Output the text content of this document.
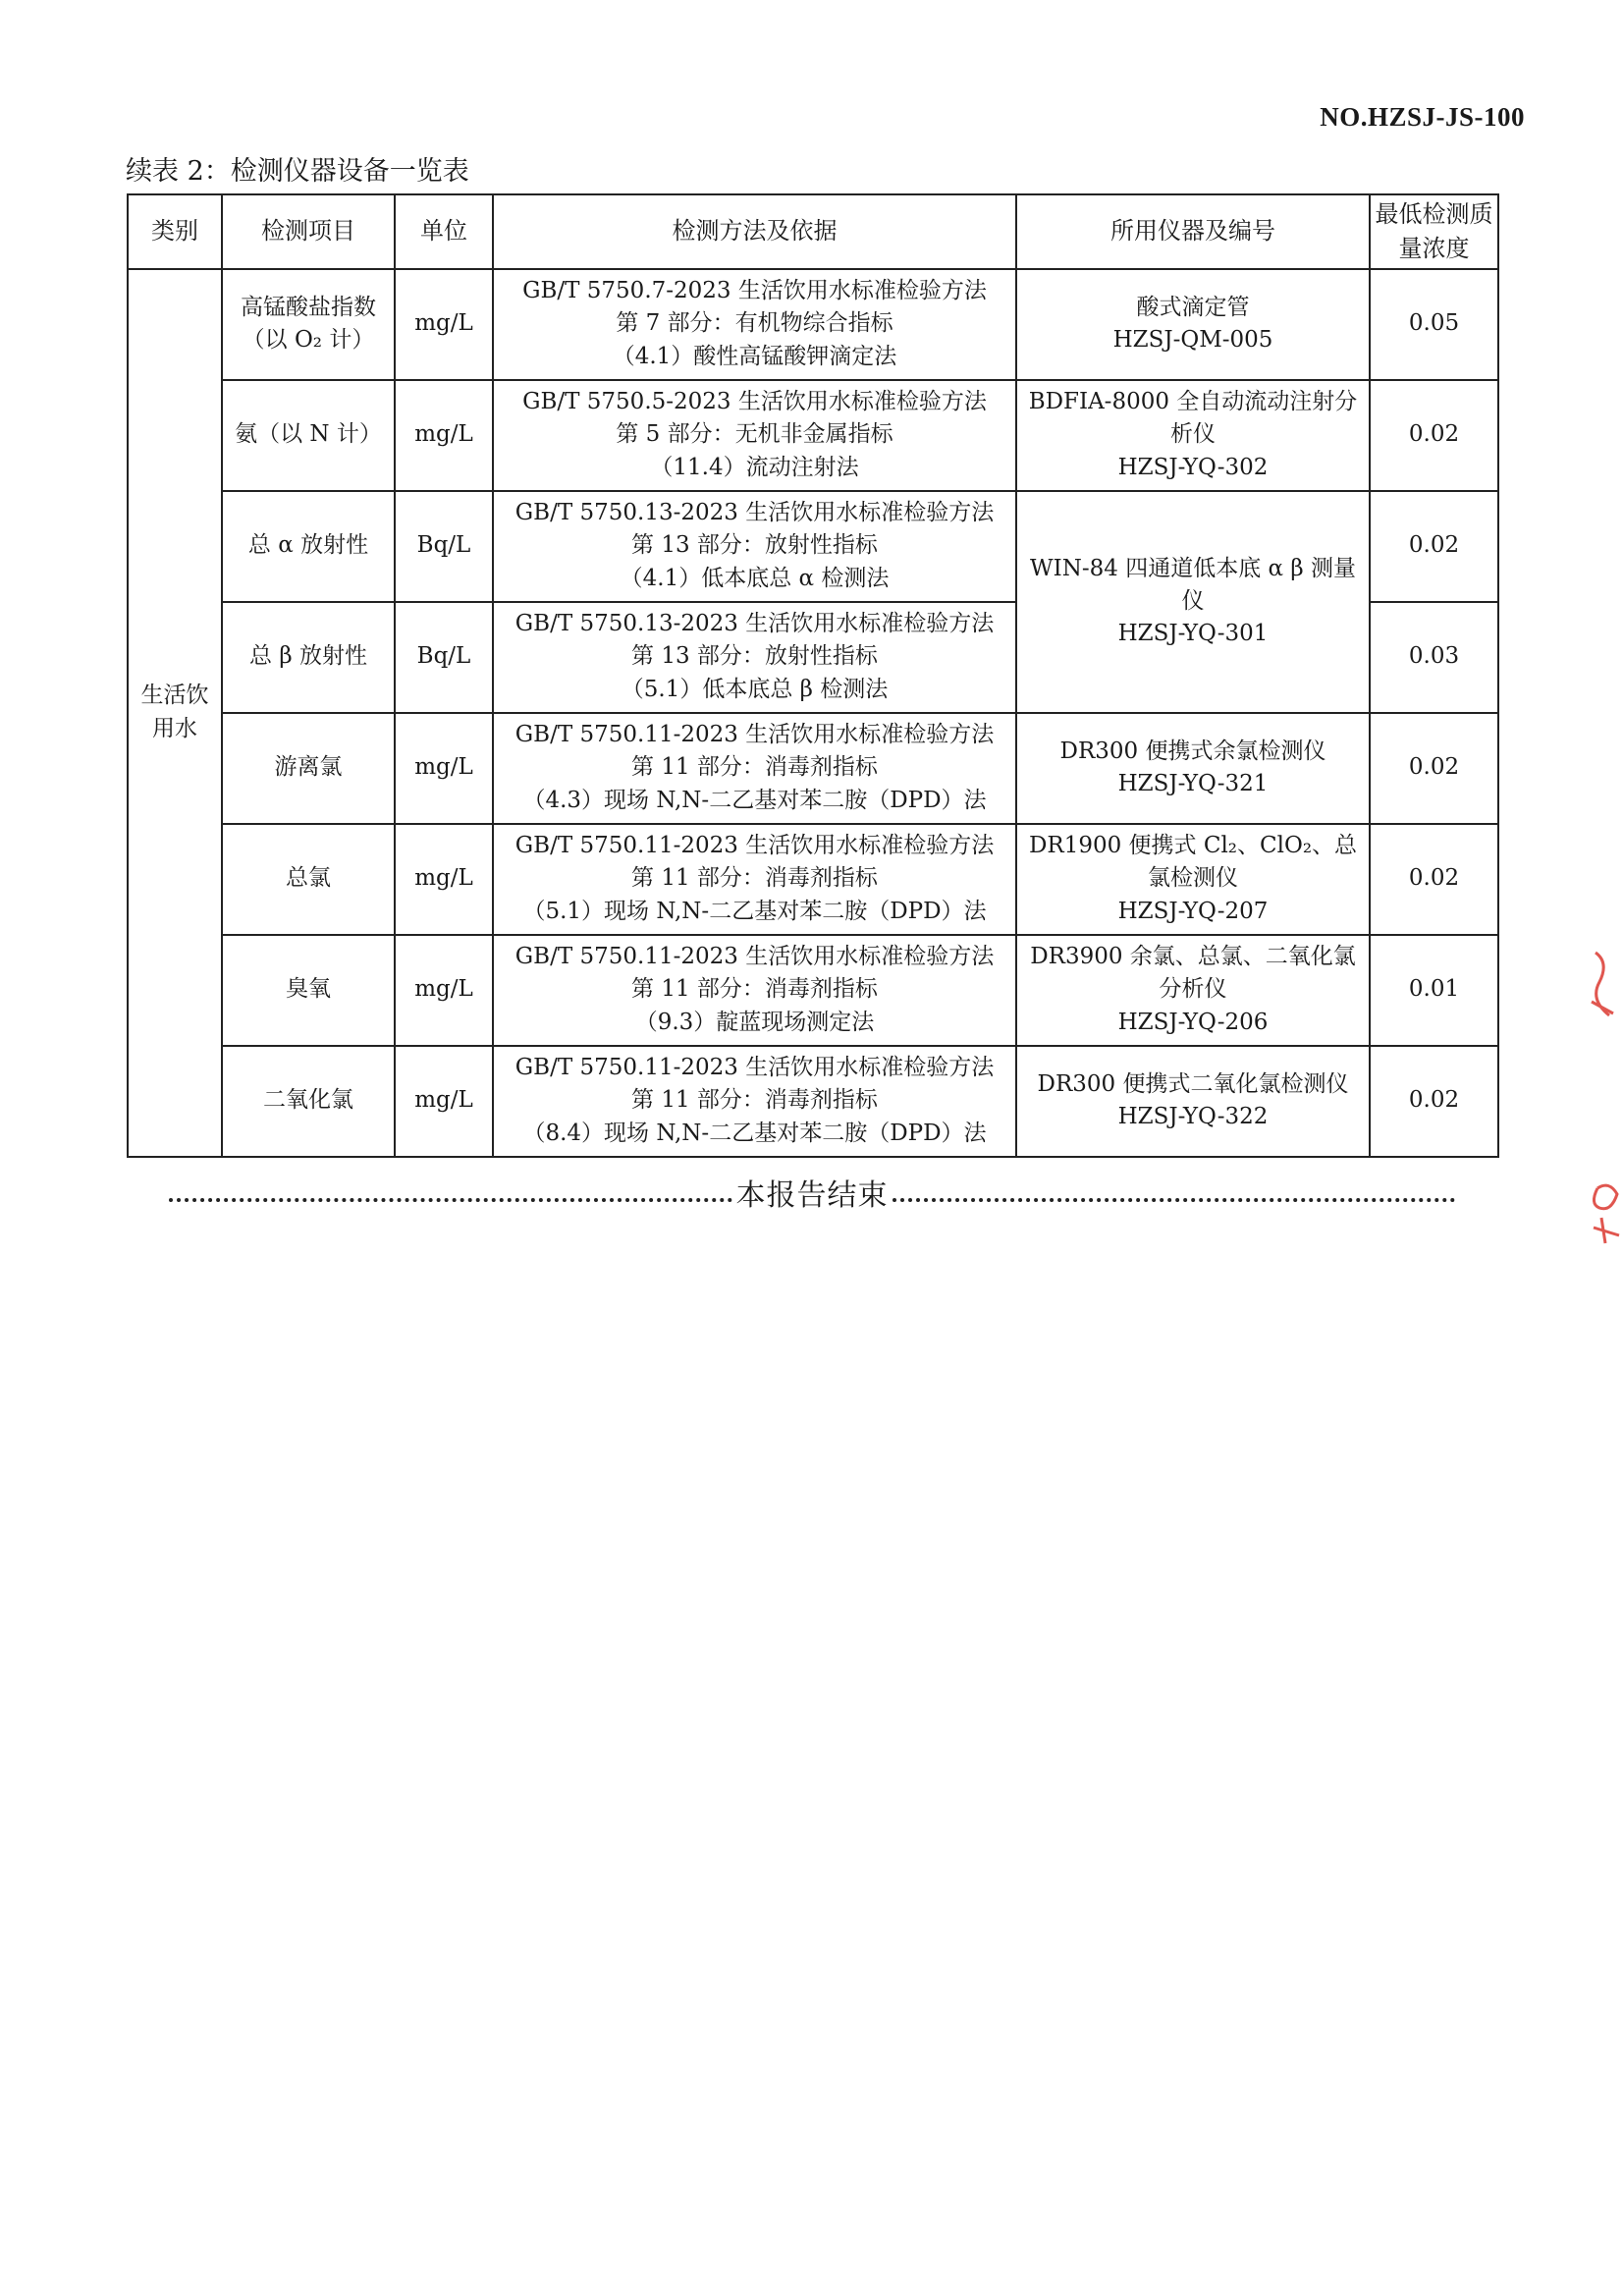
NO.HZSJ-JS-100
续表 2：检测仪器设备一览表
类别	检测项目	单位	检测方法及依据	所用仪器及编号	最低检测质量浓度
生活饮用水	高锰酸盐指数（以 O₂ 计）	mg/L	GB/T 5750.7-2023 生活饮用水标准检验方法
第 7 部分：有机物综合指标
（4.1）酸性高锰酸钾滴定法	酸式滴定管
HZSJ-QM-005	0.05
	氨（以 N 计）	mg/L	GB/T 5750.5-2023 生活饮用水标准检验方法
第 5 部分：无机非金属指标
（11.4）流动注射法	BDFIA-8000 全自动流动注射分析仪
HZSJ-YQ-302	0.02
	总 α 放射性	Bq/L	GB/T 5750.13-2023 生活饮用水标准检验方法
第 13 部分：放射性指标
（4.1）低本底总 α 检测法	WIN-84 四通道低本底 α β 测量仪
HZSJ-YQ-301	0.02
	总 β 放射性	Bq/L	GB/T 5750.13-2023 生活饮用水标准检验方法
第 13 部分：放射性指标
（5.1）低本底总 β 检测法		0.03
	游离氯	mg/L	GB/T 5750.11-2023 生活饮用水标准检验方法
第 11 部分：消毒剂指标
（4.3）现场 N,N-二乙基对苯二胺（DPD）法	DR300 便携式余氯检测仪
HZSJ-YQ-321	0.02
	总氯	mg/L	GB/T 5750.11-2023 生活饮用水标准检验方法
第 11 部分：消毒剂指标
（5.1）现场 N,N-二乙基对苯二胺（DPD）法	DR1900 便携式 Cl₂、ClO₂、总氯检测仪
HZSJ-YQ-207	0.02
	臭氧	mg/L	GB/T 5750.11-2023 生活饮用水标准检验方法
第 11 部分：消毒剂指标
（9.3）靛蓝现场测定法	DR3900 余氯、总氯、二氧化氯分析仪
HZSJ-YQ-206	0.01
	二氧化氯	mg/L	GB/T 5750.11-2023 生活饮用水标准检验方法
第 11 部分：消毒剂指标
（8.4）现场 N,N-二乙基对苯二胺（DPD）法	DR300 便携式二氧化氯检测仪
HZSJ-YQ-322	0.02
本报告结束
